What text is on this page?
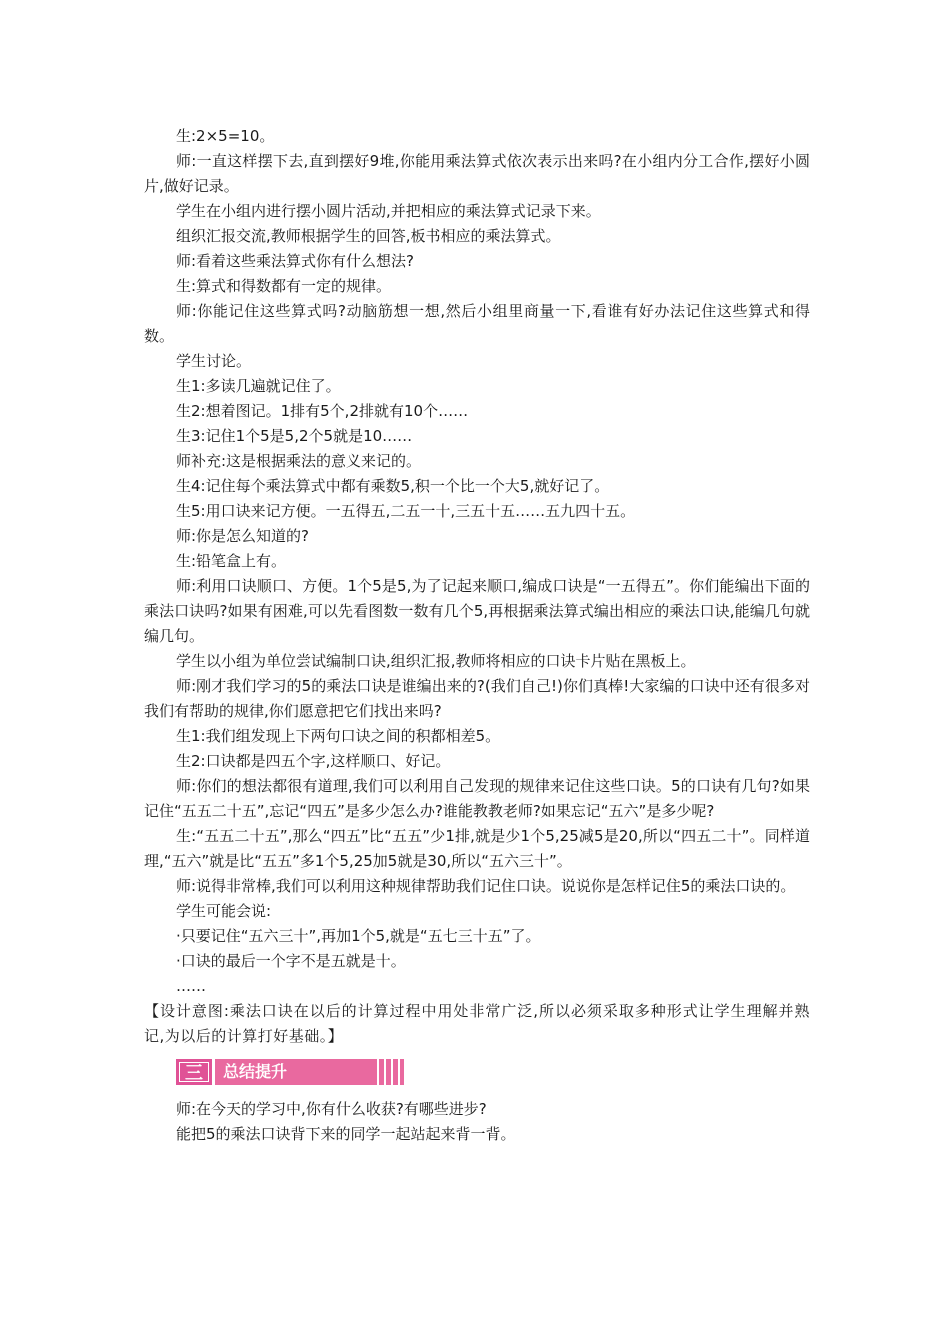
生:2×5=10。

师:一直这样摆下去,直到摆好9堆,你能用乘法算式依次表示出来吗?在小组内分工合作,摆好小圆片,做好记录。

学生在小组内进行摆小圆片活动,并把相应的乘法算式记录下来。

组织汇报交流,教师根据学生的回答,板书相应的乘法算式。

师:看着这些乘法算式你有什么想法?

生:算式和得数都有一定的规律。

师:你能记住这些算式吗?动脑筋想一想,然后小组里商量一下,看谁有好办法记住这些算式和得数。

学生讨论。

生1:多读几遍就记住了。

生2:想着图记。1排有5个,2排就有10个……

生3:记住1个5是5,2个5就是10……

师补充:这是根据乘法的意义来记的。

生4:记住每个乘法算式中都有乘数5,积一个比一个大5,就好记了。

生5:用口诀来记方便。一五得五,二五一十,三五十五……五九四十五。

师:你是怎么知道的?

生:铅笔盒上有。

师:利用口诀顺口、方便。1个5是5,为了记起来顺口,编成口诀是“一五得五”。你们能编出下面的乘法口诀吗?如果有困难,可以先看图数一数有几个5,再根据乘法算式编出相应的乘法口诀,能编几句就编几句。

学生以小组为单位尝试编制口诀,组织汇报,教师将相应的口诀卡片贴在黑板上。

师:刚才我们学习的5的乘法口诀是谁编出来的?(我们自己!)你们真棒!大家编的口诀中还有很多对我们有帮助的规律,你们愿意把它们找出来吗?

生1:我们组发现上下两句口诀之间的积都相差5。

生2:口诀都是四五个字,这样顺口、好记。

师:你们的想法都很有道理,我们可以利用自己发现的规律来记住这些口诀。5的口诀有几句?如果记住“五五二十五”,忘记“四五”是多少怎么办?谁能教教老师?如果忘记“五六”是多少呢?

生:“五五二十五”,那么“四五”比“五五”少1排,就是少1个5,25减5是20,所以“四五二十”。同样道理,“五六”就是比“五五”多1个5,25加5就是30,所以“五六三十”。

师:说得非常棒,我们可以利用这种规律帮助我们记住口诀。说说你是怎样记住5的乘法口诀的。

学生可能会说:

·只要记住“五六三十”,再加1个5,就是“五七三十五”了。

·口诀的最后一个字不是五就是十。

……

【设计意图:乘法口诀在以后的计算过程中用处非常广泛,所以必须采取多种形式让学生理解并熟记,为以后的计算打好基础。】

三	总结提升

师:在今天的学习中,你有什么收获?有哪些进步?

能把5的乘法口诀背下来的同学一起站起来背一背。
